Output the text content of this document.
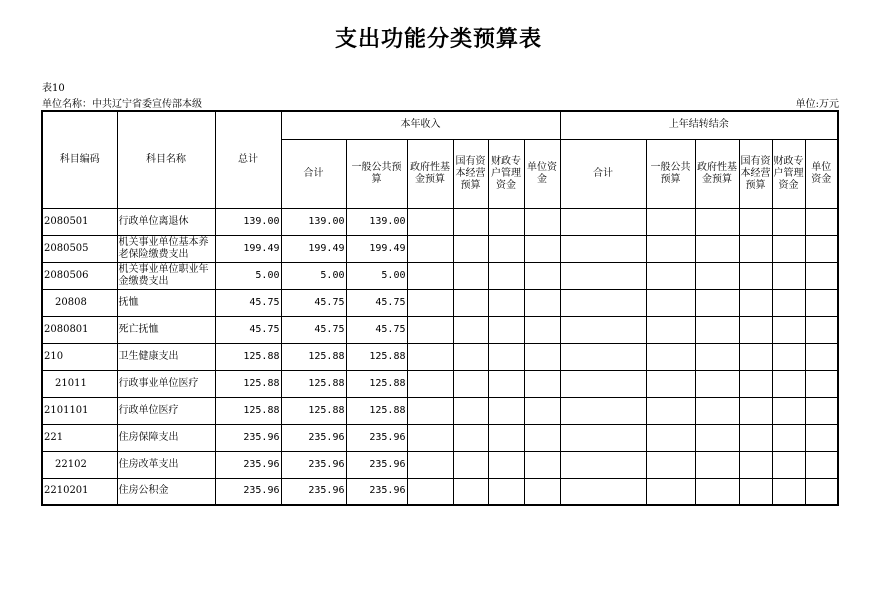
支出功能分类预算表
表10
单位名称：中共辽宁省委宣传部本级	单位:万元
科目编码	科目名称	总计	本年收入						上年结转结余					
			合计	一般公共预算	政府性基金预算	国有资本经营预算	财政专户管理资金	单位资金	合计	一般公共预算	政府性基金预算	国有资本经营预算	财政专户管理资金	单位资金
2080501	行政单位离退休	139.00	139.00	139.00										
2080505	机关事业单位基本养老保险缴费支出	199.49	199.49	199.49										
2080506	机关事业单位职业年金缴费支出	5.00	5.00	5.00										
20808	抚恤	45.75	45.75	45.75										
2080801	死亡抚恤	45.75	45.75	45.75										
210	卫生健康支出	125.88	125.88	125.88										
21011	行政事业单位医疗	125.88	125.88	125.88										
2101101	行政单位医疗	125.88	125.88	125.88										
221	住房保障支出	235.96	235.96	235.96										
22102	住房改革支出	235.96	235.96	235.96										
2210201	住房公积金	235.96	235.96	235.96										
